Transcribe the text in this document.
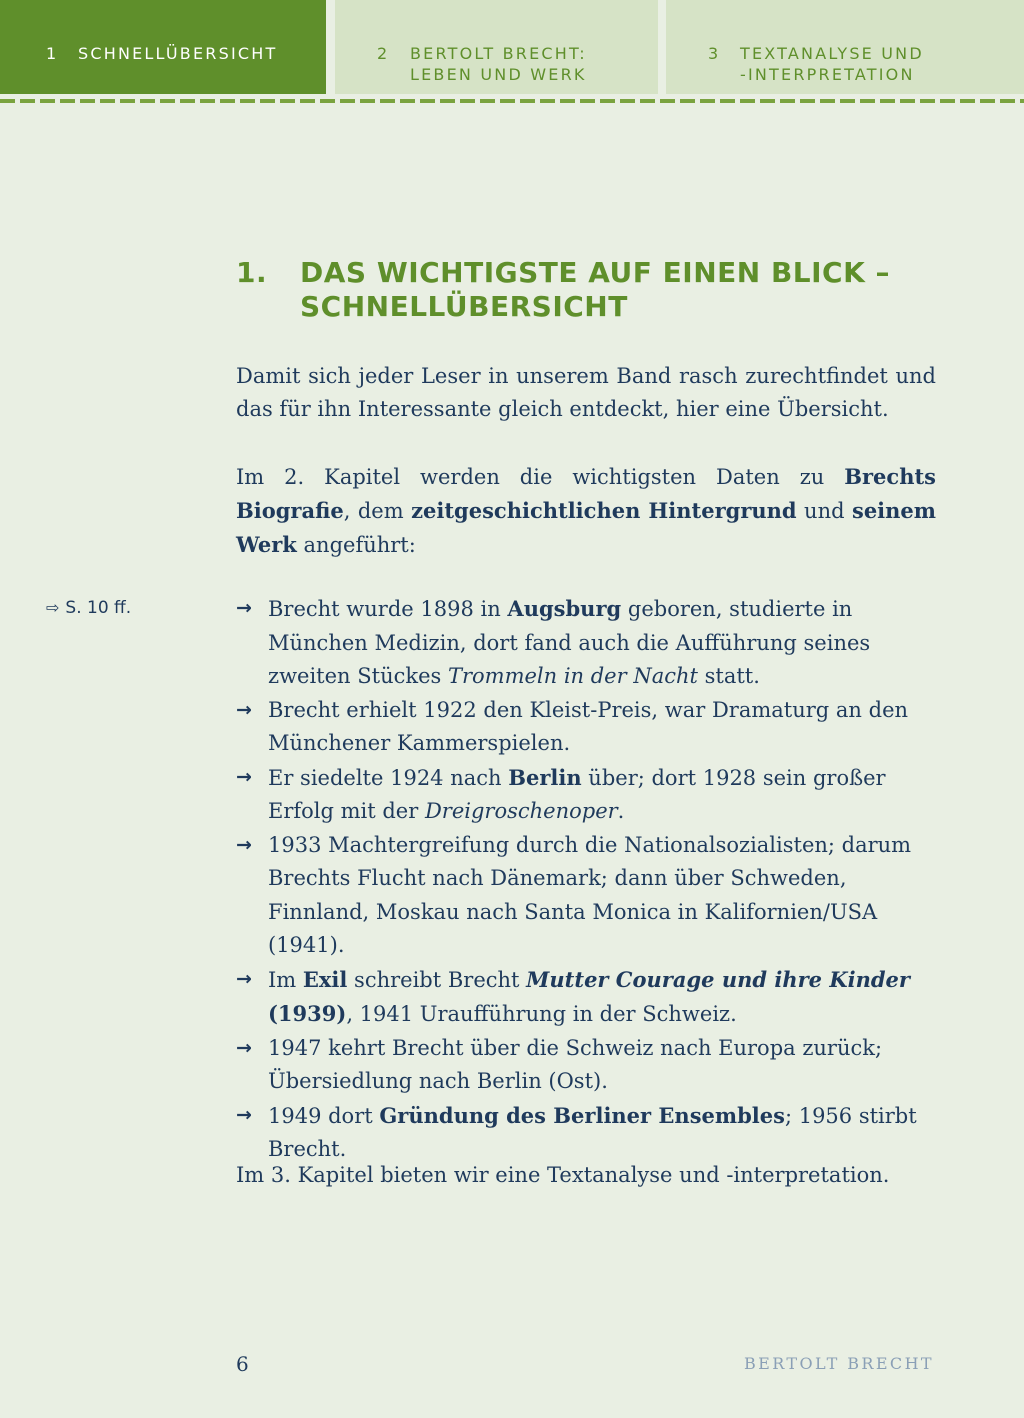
1 SCHNELLÜBERSICHT	2 BERTOLT BRECHT:
LEBEN UND WERK
3 TEXTANALYSE UND
-INTERPRETATION
1. DAS WICHTIGSTE AUF EINEN BLICK – SCHNELLÜBERSICHT

Damit sich jeder Leser in unserem Band rasch zurechtfindet und das für ihn Interessante gleich entdeckt, hier eine Übersicht.

Im 2. Kapitel werden die wichtigsten Daten zu Brechts Biografie, dem zeitgeschichtlichen Hintergrund und seinem Werk angeführt:

⇨ S. 10 ff.	→ Brecht wurde 1898 in Augsburg geboren, studierte in München Medizin, dort fand auch die Aufführung seines zweiten Stückes Trommeln in der Nacht statt.
→ Brecht erhielt 1922 den Kleist-Preis, war Dramaturg an den Münchener Kammerspielen.
→ Er siedelte 1924 nach Berlin über; dort 1928 sein großer Erfolg mit der Dreigroschenoper.
→ 1933 Machtergreifung durch die Nationalsozialisten; darum Brechts Flucht nach Dänemark; dann über Schweden, Finnland, Moskau nach Santa Monica in Kalifornien/USA (1941).
→ Im Exil schreibt Brecht Mutter Courage und ihre Kinder (1939), 1941 Uraufführung in der Schweiz.
→ 1947 kehrt Brecht über die Schweiz nach Europa zurück; Übersiedlung nach Berlin (Ost).
→ 1949 dort Gründung des Berliner Ensembles; 1956 stirbt Brecht.

Im 3. Kapitel bieten wir eine Textanalyse und -interpretation.

6	BERTOLT BRECHT
